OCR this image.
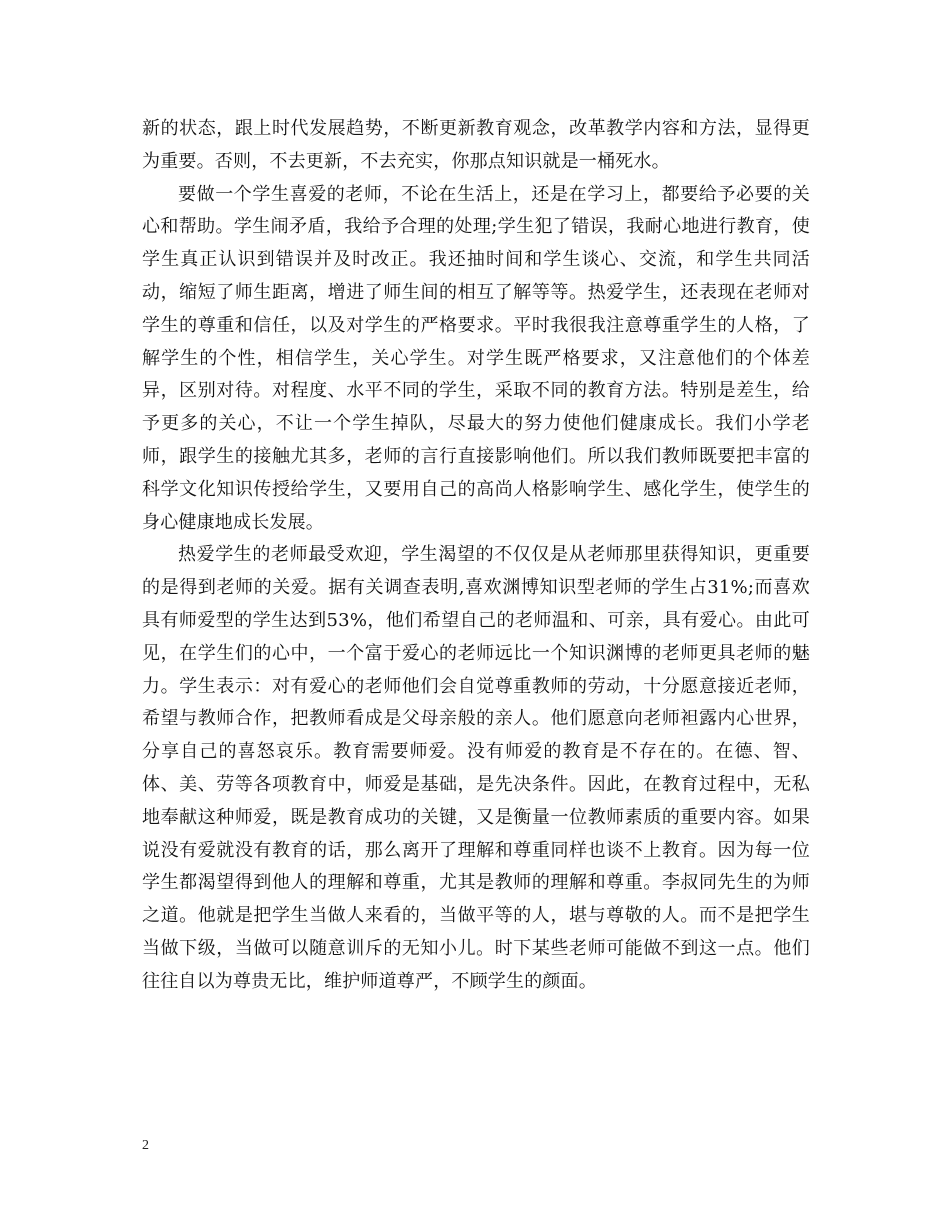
新的状态，跟上时代发展趋势，不断更新教育观念，改革教学内容和方法，显得更为重要。否则，不去更新，不去充实，你那点知识就是一桶死水。

要做一个学生喜爱的老师，不论在生活上，还是在学习上，都要给予必要的关心和帮助。学生闹矛盾，我给予合理的处理;学生犯了错误，我耐心地进行教育，使学生真正认识到错误并及时改正。我还抽时间和学生谈心、交流，和学生共同活动，缩短了师生距离，增进了师生间的相互了解等等。热爱学生，还表现在老师对学生的尊重和信任，以及对学生的严格要求。平时我很我注意尊重学生的人格，了解学生的个性，相信学生，关心学生。对学生既严格要求，又注意他们的个体差异，区别对待。对程度、水平不同的学生，采取不同的教育方法。特别是差生，给予更多的关心，不让一个学生掉队，尽最大的努力使他们健康成长。我们小学老师，跟学生的接触尤其多，老师的言行直接影响他们。所以我们教师既要把丰富的科学文化知识传授给学生，又要用自己的高尚人格影响学生、感化学生，使学生的身心健康地成长发展。

热爱学生的老师最受欢迎，学生渴望的不仅仅是从老师那里获得知识，更重要的是得到老师的关爱。据有关调查表明,喜欢渊博知识型老师的学生占31%;而喜欢具有师爱型的学生达到53%，他们希望自己的老师温和、可亲，具有爱心。由此可见，在学生们的心中，一个富于爱心的老师远比一个知识渊博的老师更具老师的魅力。学生表示：对有爱心的老师他们会自觉尊重教师的劳动，十分愿意接近老师，希望与教师合作，把教师看成是父母亲般的亲人。他们愿意向老师袒露内心世界，分享自己的喜怒哀乐。教育需要师爱。没有师爱的教育是不存在的。在德、智、体、美、劳等各项教育中，师爱是基础，是先决条件。因此，在教育过程中，无私地奉献这种师爱，既是教育成功的关键，又是衡量一位教师素质的重要内容。如果说没有爱就没有教育的话，那么离开了理解和尊重同样也谈不上教育。因为每一位学生都渴望得到他人的理解和尊重，尤其是教师的理解和尊重。李叔同先生的为师之道。他就是把学生当做人来看的，当做平等的人，堪与尊敬的人。而不是把学生当做下级，当做可以随意训斥的无知小儿。时下某些老师可能做不到这一点。他们往往自以为尊贵无比，维护师道尊严，不顾学生的颜面。

2
